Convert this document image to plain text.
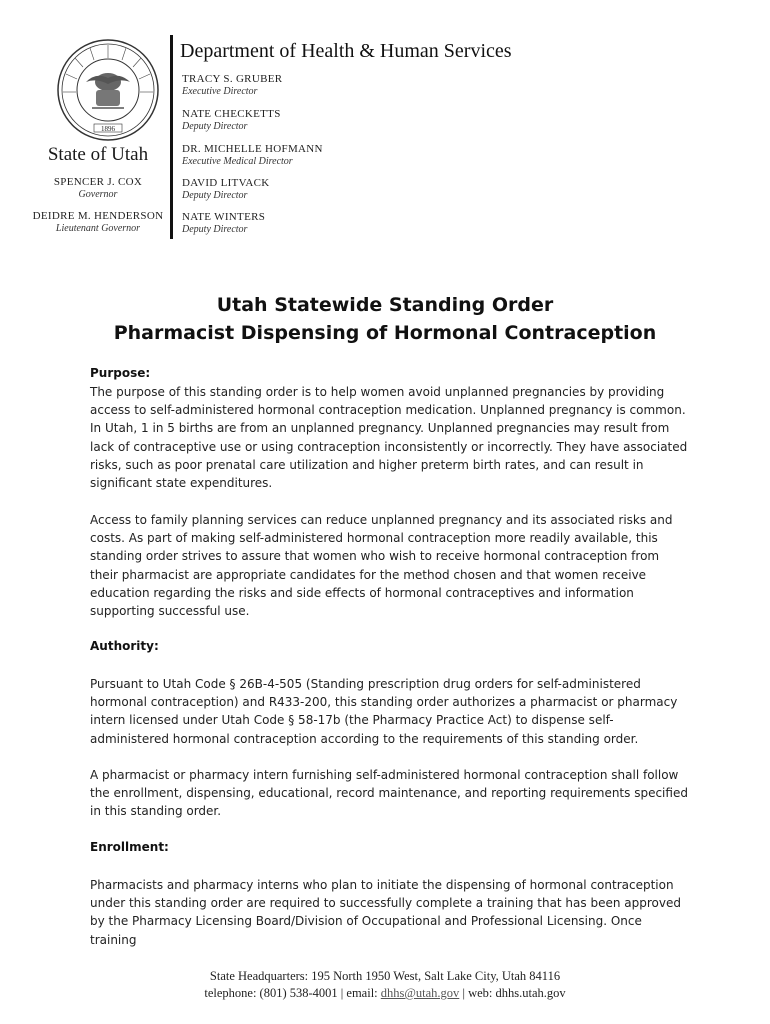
1896
State of Utah
SPENCER J. COX
Governor
DEIDRE M. HENDERSON
Lieutenant Governor
Department of Health & Human Services
TRACY S. GRUBER
Executive Director
NATE CHECKETTS
Deputy Director
DR. MICHELLE HOFMANN
Executive Medical Director
DAVID LITVACK
Deputy Director
NATE WINTERS
Deputy Director
Utah Statewide Standing Order
Pharmacist Dispensing of Hormonal Contraception
Purpose:
The purpose of this standing order is to help women avoid unplanned pregnancies by providing access to self-administered hormonal contraception medication. Unplanned pregnancy is common. In Utah, 1 in 5 births are from an unplanned pregnancy. Unplanned pregnancies may result from lack of contraceptive use or using contraception inconsistently or incorrectly. They have associated risks, such as poor prenatal care utilization and higher preterm birth rates, and can result in significant state expenditures.
Access to family planning services can reduce unplanned pregnancy and its associated risks and costs. As part of making self-administered hormonal contraception more readily available, this standing order strives to assure that women who wish to receive hormonal contraception from their pharmacist are appropriate candidates for the method chosen and that women receive education regarding the risks and side effects of hormonal contraceptives and information supporting successful use.
Authority:
Pursuant to Utah Code § 26B-4-505 (Standing prescription drug orders for self-administered hormonal contraception) and R433-200, this standing order authorizes a pharmacist or pharmacy intern licensed under Utah Code § 58-17b (the Pharmacy Practice Act) to dispense self-administered hormonal contraception according to the requirements of this standing order.
A pharmacist or pharmacy intern furnishing self-administered hormonal contraception shall follow the enrollment, dispensing, educational, record maintenance, and reporting requirements specified in this standing order.
Enrollment:
Pharmacists and pharmacy interns who plan to initiate the dispensing of hormonal contraception under this standing order are required to successfully complete a training that has been approved by the Pharmacy Licensing Board/Division of Occupational and Professional Licensing. Once training
State Headquarters: 195 North 1950 West, Salt Lake City, Utah 84116
telephone: (801) 538-4001 | email: dhhs@utah.gov | web: dhhs.utah.gov
